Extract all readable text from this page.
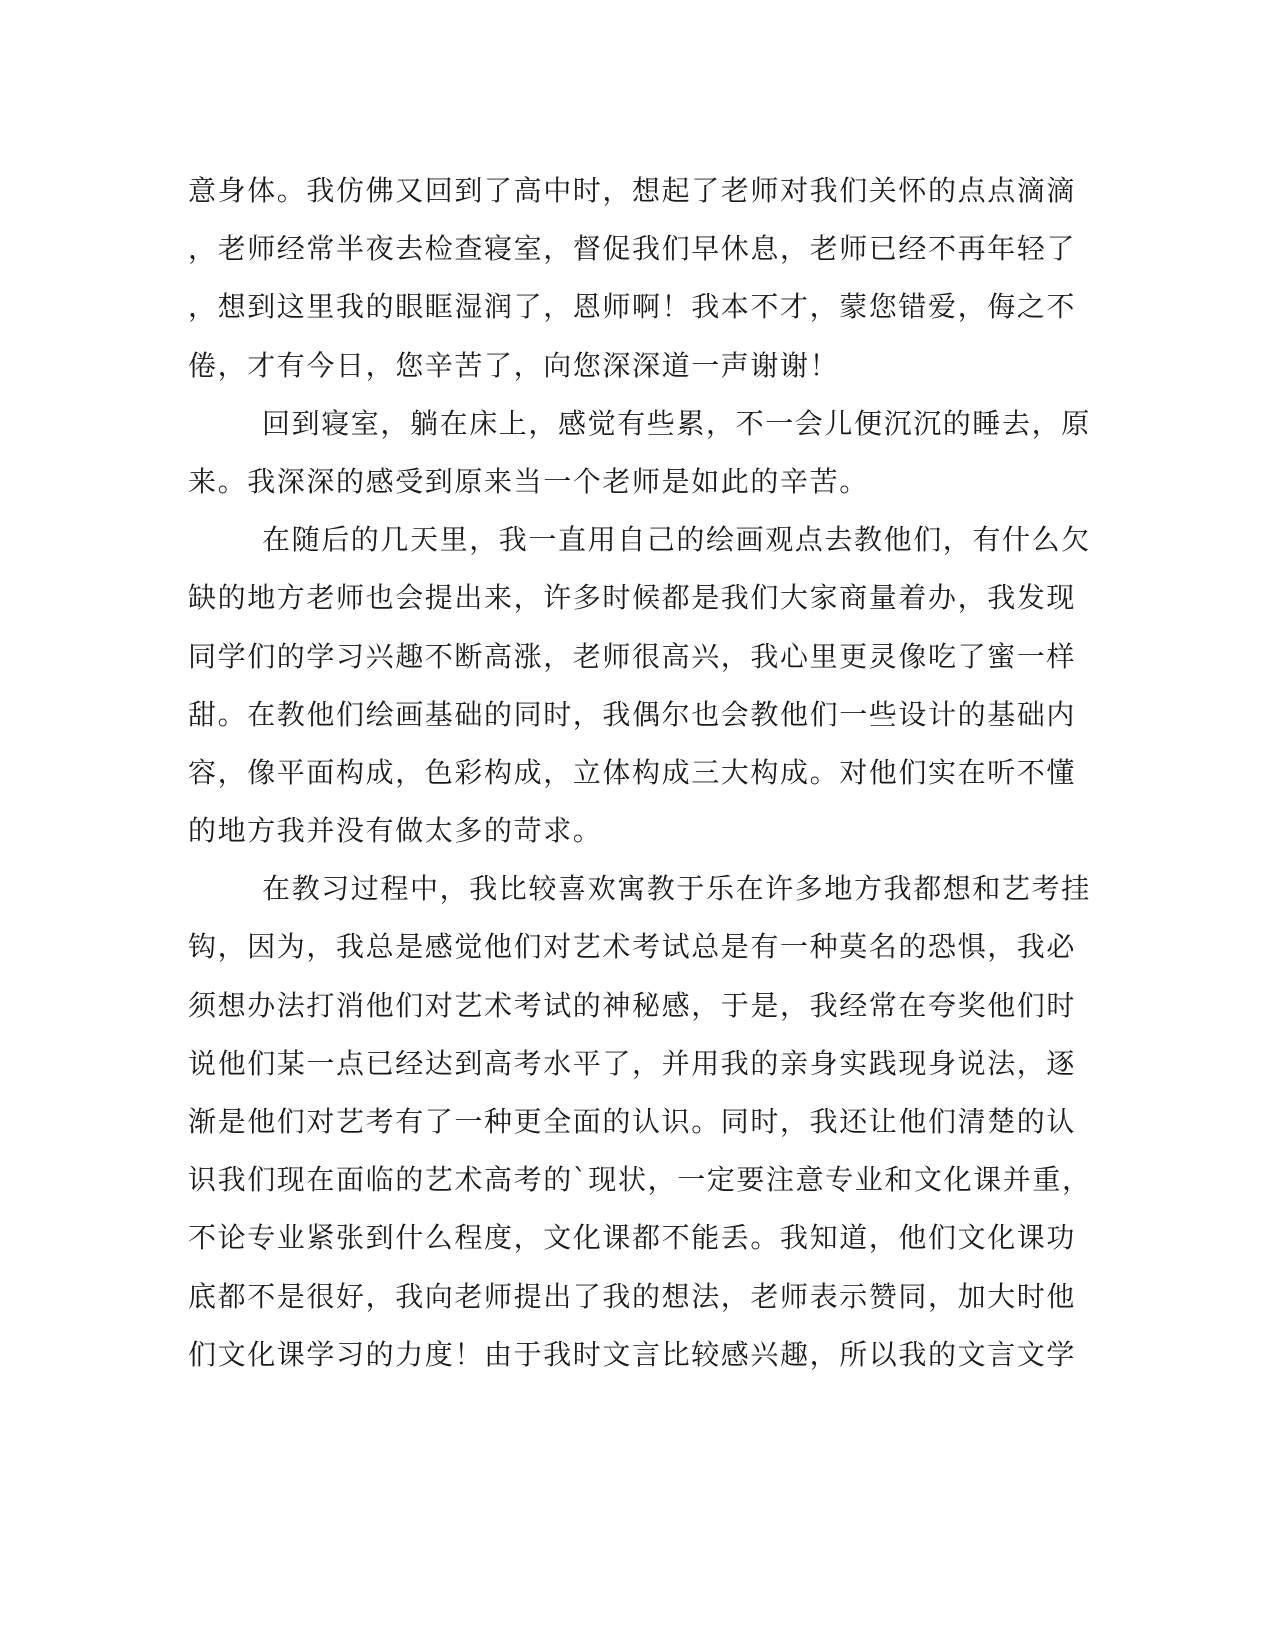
意身体。我仿佛又回到了高中时，想起了老师对我们关怀的点点滴滴
，老师经常半夜去检查寝室，督促我们早休息，老师已经不再年轻了
，想到这里我的眼眶湿润了，恩师啊！我本不才，蒙您错爱，侮之不
倦，才有今日，您辛苦了，向您深深道一声谢谢！
回到寝室，躺在床上，感觉有些累，不一会儿便沉沉的睡去，原
来。我深深的感受到原来当一个老师是如此的辛苦。
在随后的几天里，我一直用自己的绘画观点去教他们，有什么欠
缺的地方老师也会提出来，许多时候都是我们大家商量着办，我发现
同学们的学习兴趣不断高涨，老师很高兴，我心里更灵像吃了蜜一样
甜。在教他们绘画基础的同时，我偶尔也会教他们一些设计的基础内
容，像平面构成，色彩构成，立体构成三大构成。对他们实在听不懂
的地方我并没有做太多的苛求。
在教习过程中，我比较喜欢寓教于乐在许多地方我都想和艺考挂
钩，因为，我总是感觉他们对艺术考试总是有一种莫名的恐惧，我必
须想办法打消他们对艺术考试的神秘感，于是，我经常在夸奖他们时
说他们某一点已经达到高考水平了，并用我的亲身实践现身说法，逐
渐是他们对艺考有了一种更全面的认识。同时，我还让他们清楚的认
识我们现在面临的艺术高考的`现状，一定要注意专业和文化课并重，
不论专业紧张到什么程度，文化课都不能丢。我知道，他们文化课功
底都不是很好，我向老师提出了我的想法，老师表示赞同，加大时他
们文化课学习的力度！由于我时文言比较感兴趣，所以我的文言文学
